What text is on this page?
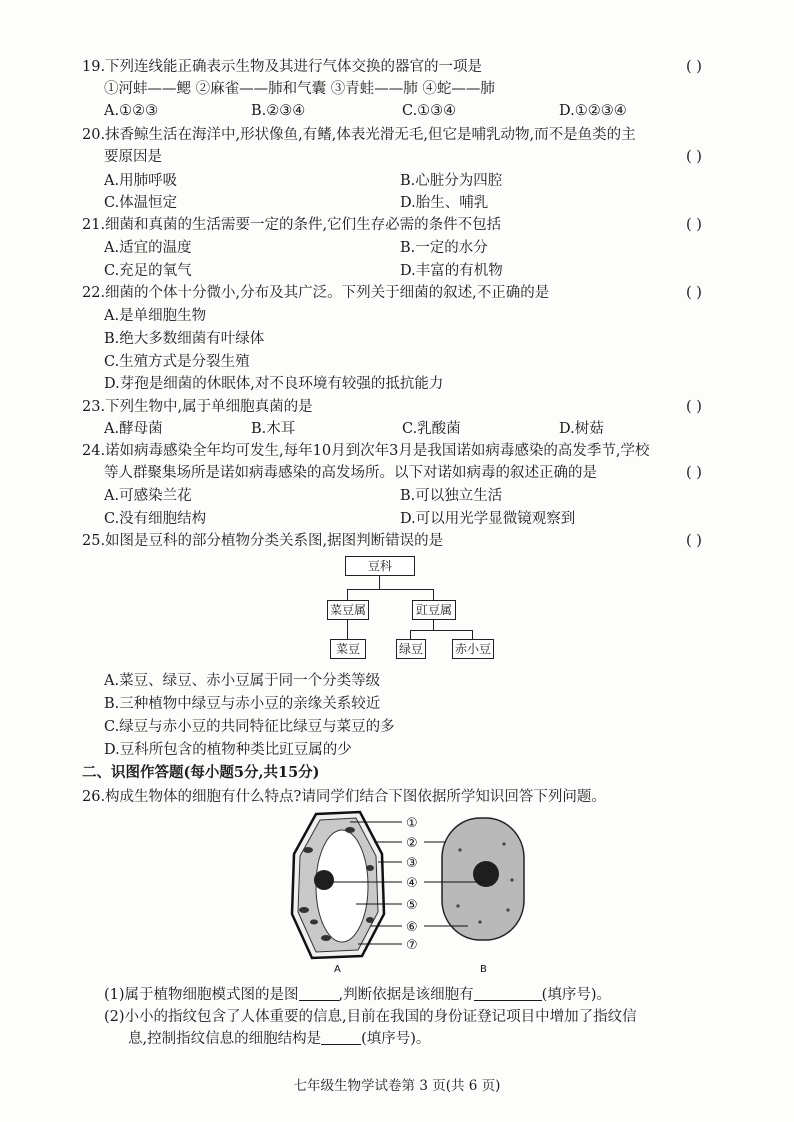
19.下列连线能正确表示生物及其进行气体交换的器官的一项是	( )
①河蚌——鳃 ②麻雀——肺和气囊 ③青蛙——肺 ④蛇——肺
A.①②③	B.②③④	C.①③④	D.①②③④
20.抹香鲸生活在海洋中,形状像鱼,有鳍,体表光滑无毛,但它是哺乳动物,而不是鱼类的主
要原因是	( )
A.用肺呼吸	B.心脏分为四腔
C.体温恒定	D.胎生、哺乳
21.细菌和真菌的生活需要一定的条件,它们生存必需的条件不包括	( )
A.适宜的温度	B.一定的水分
C.充足的氧气	D.丰富的有机物
22.细菌的个体十分微小,分布及其广泛。下列关于细菌的叙述,不正确的是	( )
A.是单细胞生物
B.绝大多数细菌有叶绿体
C.生殖方式是分裂生殖
D.芽孢是细菌的休眠体,对不良环境有较强的抵抗能力
23.下列生物中,属于单细胞真菌的是	( )
A.酵母菌	B.木耳	C.乳酸菌	D.树菇
24.诺如病毒感染全年均可发生,每年10月到次年3月是我国诺如病毒感染的高发季节,学校
等人群聚集场所是诺如病毒感染的高发场所。以下对诺如病毒的叙述正确的是	( )
A.可感染兰花	B.可以独立生活
C.没有细胞结构	D.可以用光学显微镜观察到
25.如图是豆科的部分植物分类关系图,据图判断错误的是	( )
豆科
菜豆属	豇豆属
菜豆	绿豆	赤小豆
A.菜豆、绿豆、赤小豆属于同一个分类等级
B.三种植物中绿豆与赤小豆的亲缘关系较近
C.绿豆与赤小豆的共同特征比绿豆与菜豆的多
D.豆科所包含的植物种类比豇豆属的少
二、识图作答题(每小题5分,共15分)
26.构成生物体的细胞有什么特点?请同学们结合下图依据所学知识回答下列问题。
①
②
③
④
⑤
⑥
⑦
A	B
(1)属于植物细胞模式图的是图	,判断依据是该细胞有	(填序号)。
(2)小小的指纹包含了人体重要的信息,目前在我国的身份证登记项目中增加了指纹信
息,控制指纹信息的细胞结构是	(填序号)。
七年级生物学试卷第 3 页(共 6 页)
